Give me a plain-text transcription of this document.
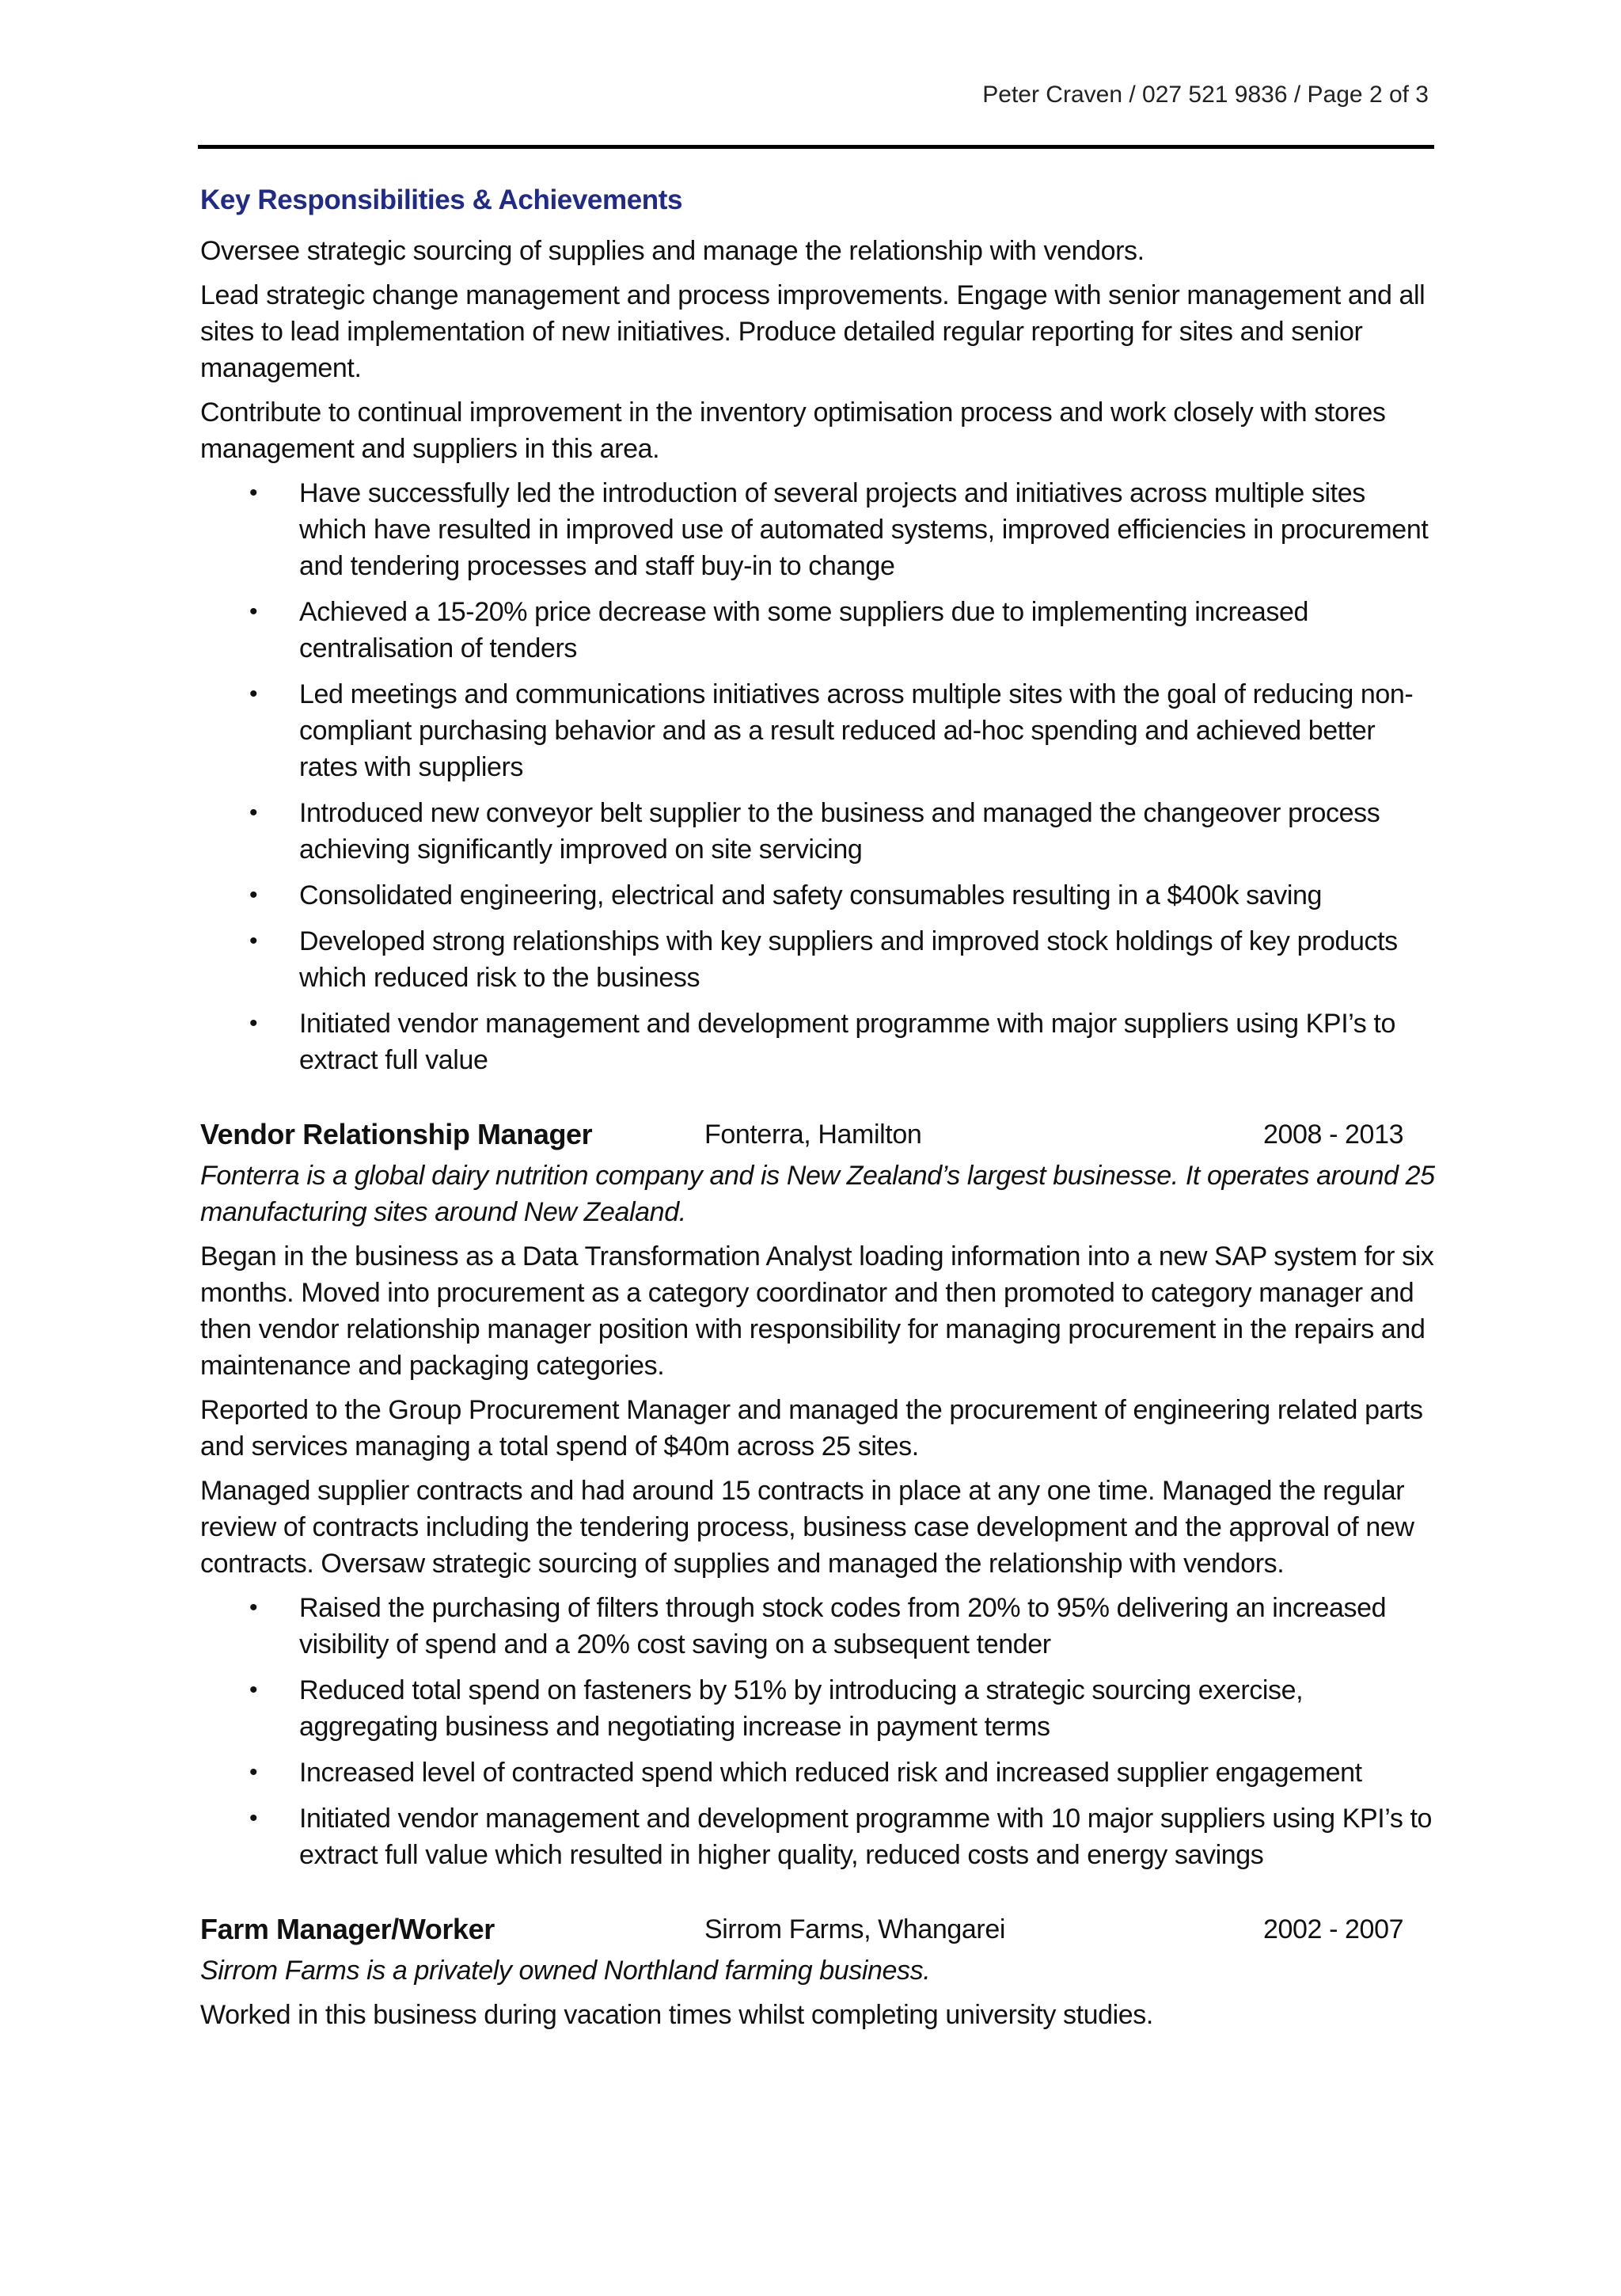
Peter Craven / 027 521 9836 / Page 2 of 3
Key Responsibilities & Achievements

Oversee strategic sourcing of supplies and manage the relationship with vendors.

Lead strategic change management and process improvements. Engage with senior management and all sites to lead implementation of new initiatives. Produce detailed regular reporting for sites and senior management.

Contribute to continual improvement in the inventory optimisation process and work closely with stores management and suppliers in this area.

• Have successfully led the introduction of several projects and initiatives across multiple sites which have resulted in improved use of automated systems, improved efficiencies in procurement and tendering processes and staff buy-in to change
• Achieved a 15-20% price decrease with some suppliers due to implementing increased centralisation of tenders
• Led meetings and communications initiatives across multiple sites with the goal of reducing non-compliant purchasing behavior and as a result reduced ad-hoc spending and achieved better rates with suppliers
• Introduced new conveyor belt supplier to the business and managed the changeover process achieving significantly improved on site servicing
• Consolidated engineering, electrical and safety consumables resulting in a $400k saving
• Developed strong relationships with key suppliers and improved stock holdings of key products which reduced risk to the business
• Initiated vendor management and development programme with major suppliers using KPI’s to extract full value
Vendor Relationship Manager	Fonterra, Hamilton	2008 - 2013

Fonterra is a global dairy nutrition company and is New Zealand’s largest businesse. It operates around 25 manufacturing sites around New Zealand.

Began in the business as a Data Transformation Analyst loading information into a new SAP system for six months. Moved into procurement as a category coordinator and then promoted to category manager and then vendor relationship manager position with responsibility for managing procurement in the repairs and maintenance and packaging categories.

Reported to the Group Procurement Manager and managed the procurement of engineering related parts and services managing a total spend of $40m across 25 sites.

Managed supplier contracts and had around 15 contracts in place at any one time. Managed the regular review of contracts including the tendering process, business case development and the approval of new contracts. Oversaw strategic sourcing of supplies and managed the relationship with vendors.

• Raised the purchasing of filters through stock codes from 20% to 95% delivering an increased visibility of spend and a 20% cost saving on a subsequent tender
• Reduced total spend on fasteners by 51% by introducing a strategic sourcing exercise, aggregating business and negotiating increase in payment terms
• Increased level of contracted spend which reduced risk and increased supplier engagement
• Initiated vendor management and development programme with 10 major suppliers using KPI’s to extract full value which resulted in higher quality, reduced costs and energy savings
Farm Manager/Worker	Sirrom Farms, Whangarei	2002 - 2007

Sirrom Farms is a privately owned Northland farming business.

Worked in this business during vacation times whilst completing university studies.
